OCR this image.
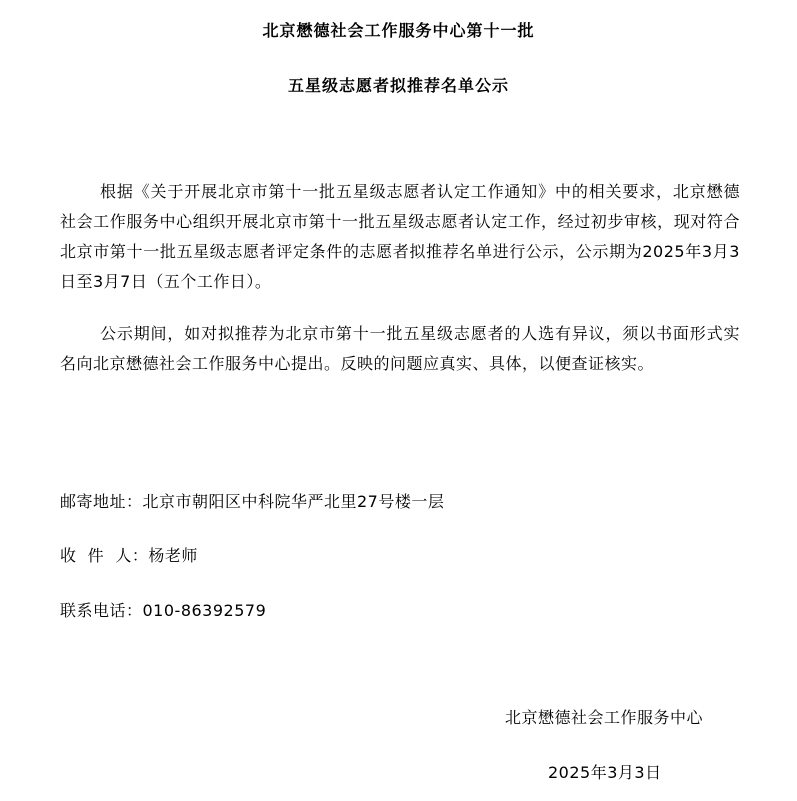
北京懋德社会工作服务中心第十一批
五星级志愿者拟推荐名单公示

根据《关于开展北京市第十一批五星级志愿者认定工作通知》中的相关要求，北京懋德社会工作服务中心组织开展北京市第十一批五星级志愿者认定工作，经过初步审核，现对符合北京市第十一批五星级志愿者评定条件的志愿者拟推荐名单进行公示，公示期为2025年3月3日至3月7日（五个工作日）。

公示期间，如对拟推荐为北京市第十一批五星级志愿者的人选有异议，须以书面形式实名向北京懋德社会工作服务中心提出。反映的问题应真实、具体，以便查证核实。

邮寄地址：北京市朝阳区中科院华严北里27号楼一层
收  件  人：杨老师
联系电话：010-86392579
北京懋德社会工作服务中心
2025年3月3日
